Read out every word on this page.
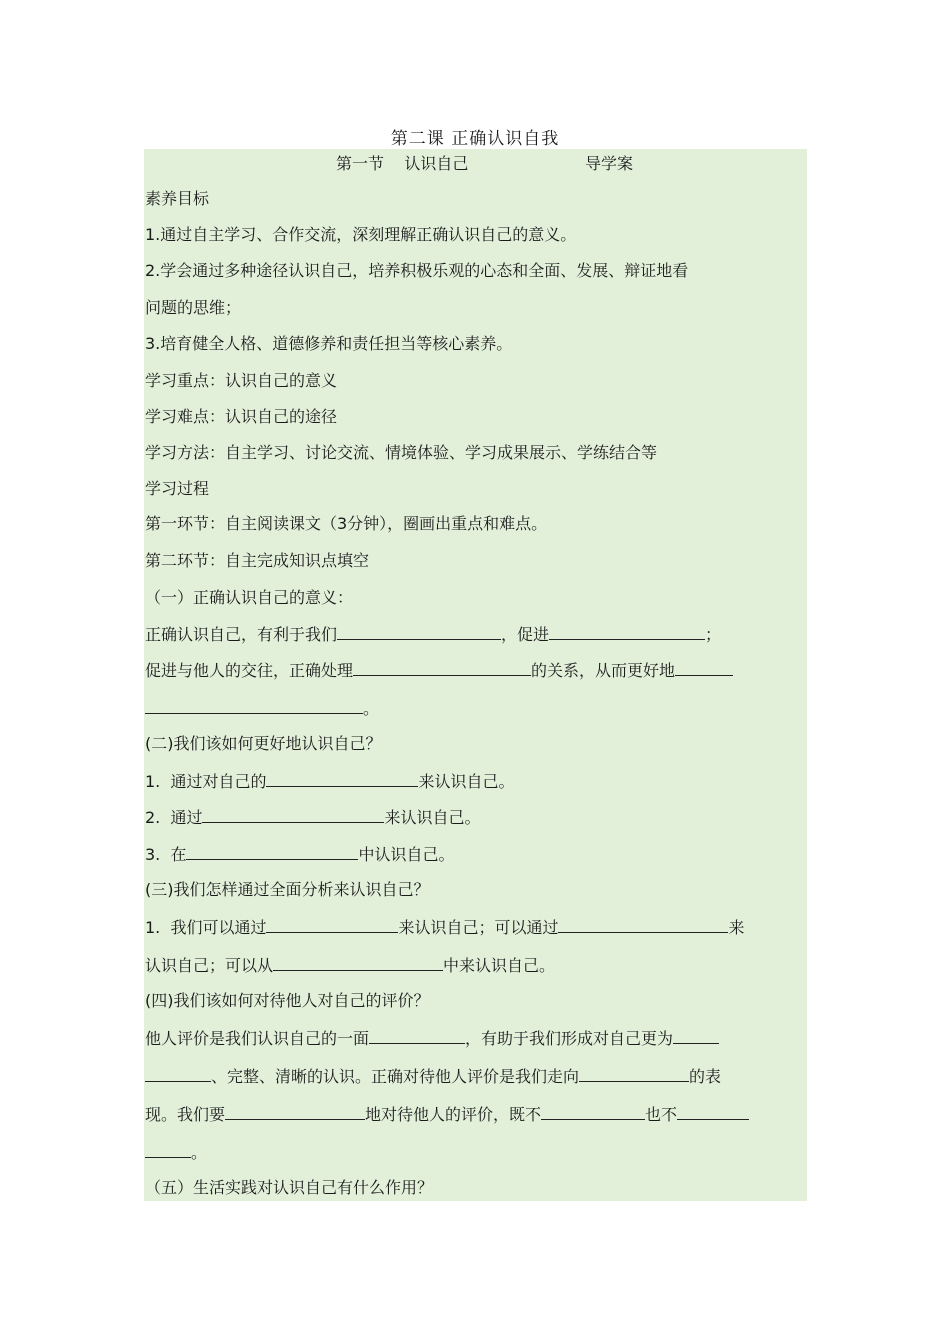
第二课 正确认识自我
第一节    认识自己	导学案
素养目标
1.通过自主学习、合作交流，深刻理解正确认识自己的意义。
2.学会通过多种途径认识自己，培养积极乐观的心态和全面、发展、辩证地看
问题的思维；
3.培育健全人格、道德修养和责任担当等核心素养。
学习重点：认识自己的意义
学习难点：认识自己的途径
学习方法：自主学习、讨论交流、情境体验、学习成果展示、学练结合等
学习过程
第一环节：自主阅读课文（3分钟），圈画出重点和难点。
第二环节：自主完成知识点填空
（一）正确认识自己的意义：
正确认识自己，有利于我们	，促进	；
促进与他人的交往，正确处理	的关系，从而更好地
。
(二)我们该如何更好地认识自己？
1.  通过对自己的	来认识自己。
2.  通过	来认识自己。
3.  在	中认识自己。
(三)我们怎样通过全面分析来认识自己？
1.  我们可以通过	来认识自己；可以通过	来
认识自己；可以从	中来认识自己。
(四)我们该如何对待他人对自己的评价？
他人评价是我们认识自己的一面	，有助于我们形成对自己更为
、完整、清晰的认识。正确对待他人评价是我们走向	的表
现。我们要	地对待他人的评价，既不	也不
。
（五）生活实践对认识自己有什么作用？
